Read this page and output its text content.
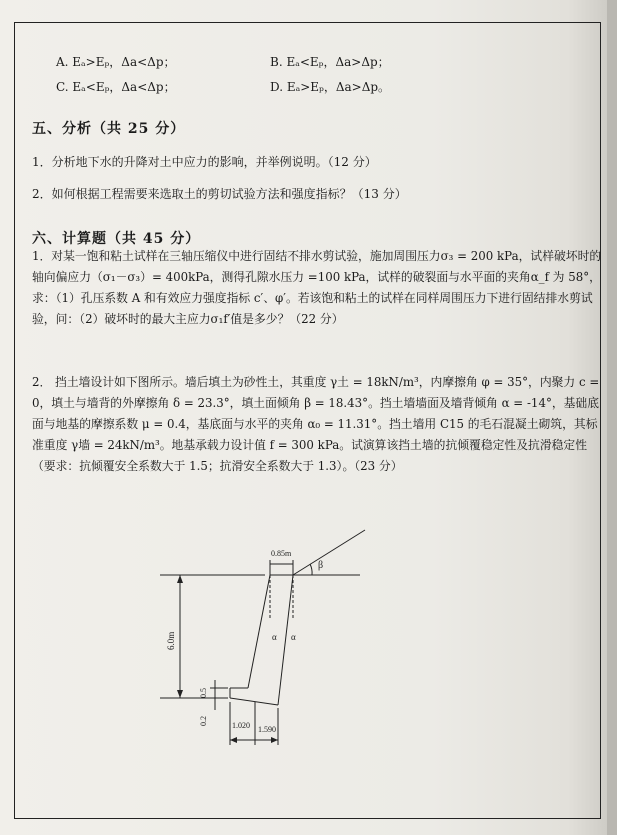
A. Eₐ>Eₚ，Δa<Δp；	B. Eₐ<Eₚ，Δa>Δp；
C. Eₐ<Eₚ，Δa<Δp；	D. Eₐ>Eₚ，Δa>Δp。
五、分析（共 25 分）
1．分析地下水的升降对土中应力的影响，并举例说明。（12 分）
2．如何根据工程需要来选取土的剪切试验方法和强度指标？（13 分）
六、计算题（共 45 分）

1．对某一饱和粘土试样在三轴压缩仪中进行固结不排水剪试验，施加周围压力σ₃ = 200 kPa，试样破坏时的轴向偏应力（σ₁－σ₃）= 400kPa，测得孔隙水压力 =100 kPa，试样的破裂面与水平面的夹角α_f 为 58°，求：（1）孔压系数 A 和有效应力强度指标 c′、φ′。若该饱和粘土的试样在同样周围压力下进行固结排水剪试验，问：（2）破坏时的最大主应力σ₁f′值是多少？（22 分）

2． 挡土墙设计如下图所示。墙后填土为砂性土，其重度 γ土 = 18kN/m³，内摩擦角 φ = 35°，内聚力 c = 0，填土与墙背的外摩擦角 δ = 23.3°，填土面倾角 β = 18.43°。挡土墙墙面及墙背倾角 α = -14°，基础底面与地基的摩擦系数 μ = 0.4，基底面与水平的夹角 α₀ = 11.31°。挡土墙用 C15 的毛石混凝土砌筑，其标准重度 γ墙 = 24kN/m³。地基承载力设计值 f = 300 kPa。试演算该挡土墙的抗倾覆稳定性及抗滑稳定性（要求：抗倾覆安全系数大于 1.5；抗滑安全系数大于 1.3）。（23 分）

0.85m
β
α α
6.0m
0.5
0.2	1.020 1.590
